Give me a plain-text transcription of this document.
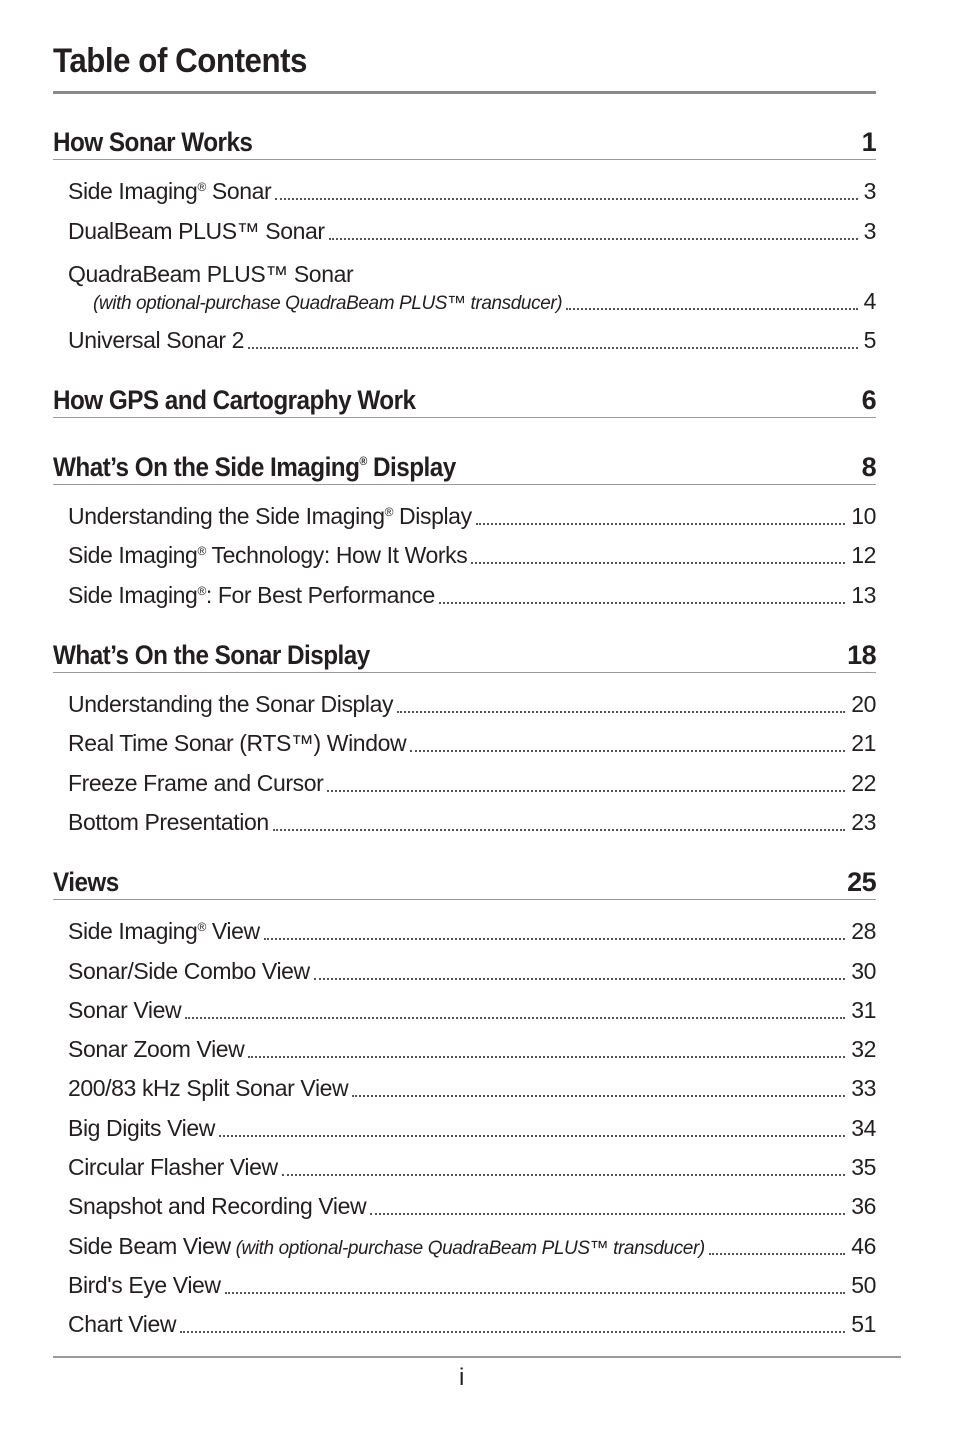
Table of Contents
How Sonar Works	1
Side Imaging® Sonar	3
DualBeam PLUS™ Sonar	3
QuadraBeam PLUS™ Sonar
(with optional-purchase QuadraBeam PLUS™ transducer)	4
Universal Sonar 2	5
How GPS and Cartography Work	6
What’s On the Side Imaging® Display	8
Understanding the Side Imaging® Display	10
Side Imaging® Technology: How It Works	12
Side Imaging®: For Best Performance	13
What’s On the Sonar Display	18
Understanding the Sonar Display	20
Real Time Sonar (RTS™) Window	21
Freeze Frame and Cursor	22
Bottom Presentation	23
Views	25
Side Imaging® View	28
Sonar/Side Combo View	30
Sonar View	31
Sonar Zoom View	32
200/83 kHz Split Sonar View	33
Big Digits View	34
Circular Flasher View	35
Snapshot and Recording View	36
Side Beam View (with optional-purchase QuadraBeam PLUS™ transducer)	46
Bird's Eye View	50
Chart View	51
i
